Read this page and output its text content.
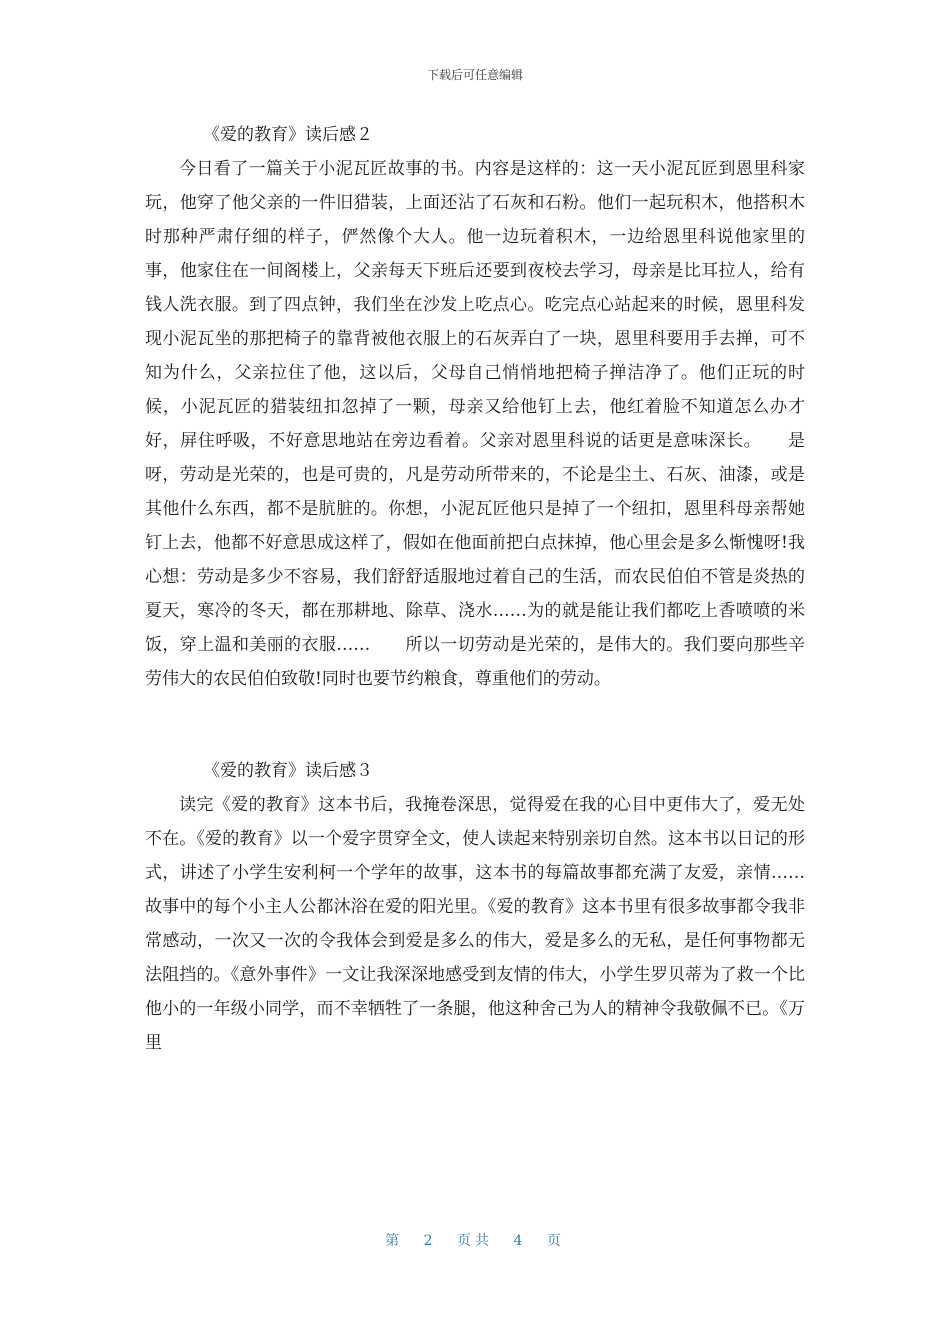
下载后可任意编辑

《爱的教育》读后感２

今日看了一篇关于小泥瓦匠故事的书。内容是这样的：这一天小泥瓦匠到恩里科家玩，他穿了他父亲的一件旧猎装，上面还沾了石灰和石粉。他们一起玩积木，他搭积木时那种严肃仔细的样子，俨然像个大人。他一边玩着积木，一边给恩里科说他家里的事，他家住在一间阁楼上，父亲每天下班后还要到夜校去学习，母亲是比耳拉人，给有钱人洗衣服。到了四点钟，我们坐在沙发上吃点心。吃完点心站起来的时候，恩里科发现小泥瓦坐的那把椅子的靠背被他衣服上的石灰弄白了一块，恩里科要用手去掸，可不知为什么，父亲拉住了他，这以后，父母自己悄悄地把椅子掸洁净了。他们正玩的时候，小泥瓦匠的猎装纽扣忽掉了一颗，母亲又给他钉上去，他红着脸不知道怎么办才好，屏住呼吸，不好意思地站在旁边看着。父亲对恩里科说的话更是意味深长。　　是呀，劳动是光荣的，也是可贵的，凡是劳动所带来的，不论是尘土、石灰、油漆，或是其他什么东西，都不是肮脏的。你想，小泥瓦匠他只是掉了一个纽扣，恩里科母亲帮她钉上去，他都不好意思成这样了，假如在他面前把白点抹掉，他心里会是多么惭愧呀!我心想：劳动是多少不容易，我们舒舒适服地过着自己的生活，而农民伯伯不管是炎热的夏天，寒冷的冬天，都在那耕地、除草、浇水……为的就是能让我们都吃上香喷喷的米饭，穿上温和美丽的衣服……　　所以一切劳动是光荣的，是伟大的。我们要向那些辛劳伟大的农民伯伯致敬!同时也要节约粮食，尊重他们的劳动。

《爱的教育》读后感３

读完《爱的教育》这本书后，我掩卷深思，觉得爱在我的心目中更伟大了，爱无处不在。《爱的教育》以一个爱字贯穿全文，使人读起来特别亲切自然。这本书以日记的形式，讲述了小学生安利柯一个学年的故事，这本书的每篇故事都充满了友爱，亲情……故事中的每个小主人公都沐浴在爱的阳光里。《爱的教育》这本书里有很多故事都令我非常感动，一次又一次的令我体会到爱是多么的伟大，爱是多么的无私，是任何事物都无法阻挡的。《意外事件》一文让我深深地感受到友情的伟大，小学生罗贝蒂为了救一个比他小的一年级小同学，而不幸牺牲了一条腿，他这种舍己为人的精神令我敬佩不已。《万里

第 2 页共 4 页
